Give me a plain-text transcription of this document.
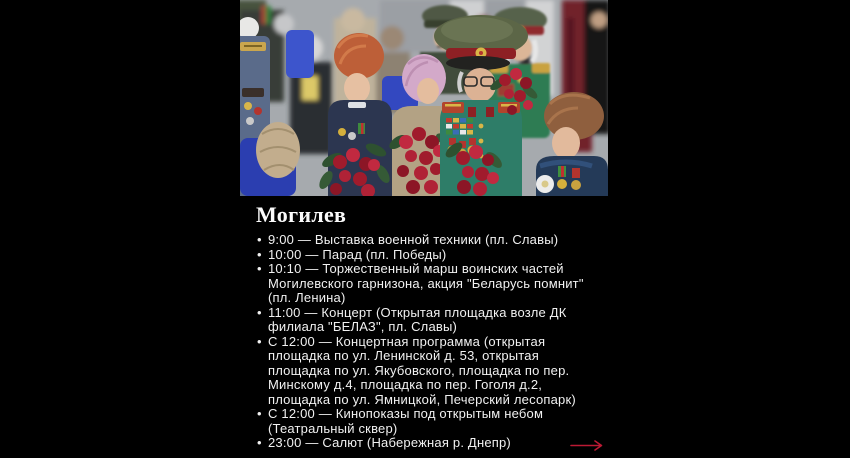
Могилев
• 9:00 — Выставка военной техники (пл. Славы)
• 10:00 — Парад (пл. Победы)
• 10:10 — Торжественный марш воинских частей Могилевского гарнизона, акция "Беларусь помнит" (пл. Ленина)
• 11:00 — Концерт (Открытая площадка возле ДК филиала "БЕЛАЗ", пл. Славы)
• С 12:00 — Концертная программа (открытая площадка по ул. Ленинской д. 53, открытая площадка по ул. Якубовского, площадка по пер. Минскому д.4, площадка по пер. Гоголя д.2, площадка по ул. Ямницкой, Печерский лесопарк)
• С 12:00 — Кинопоказы под открытым небом (Театральный сквер)
• 23:00 — Салют (Набережная р. Днепр)
